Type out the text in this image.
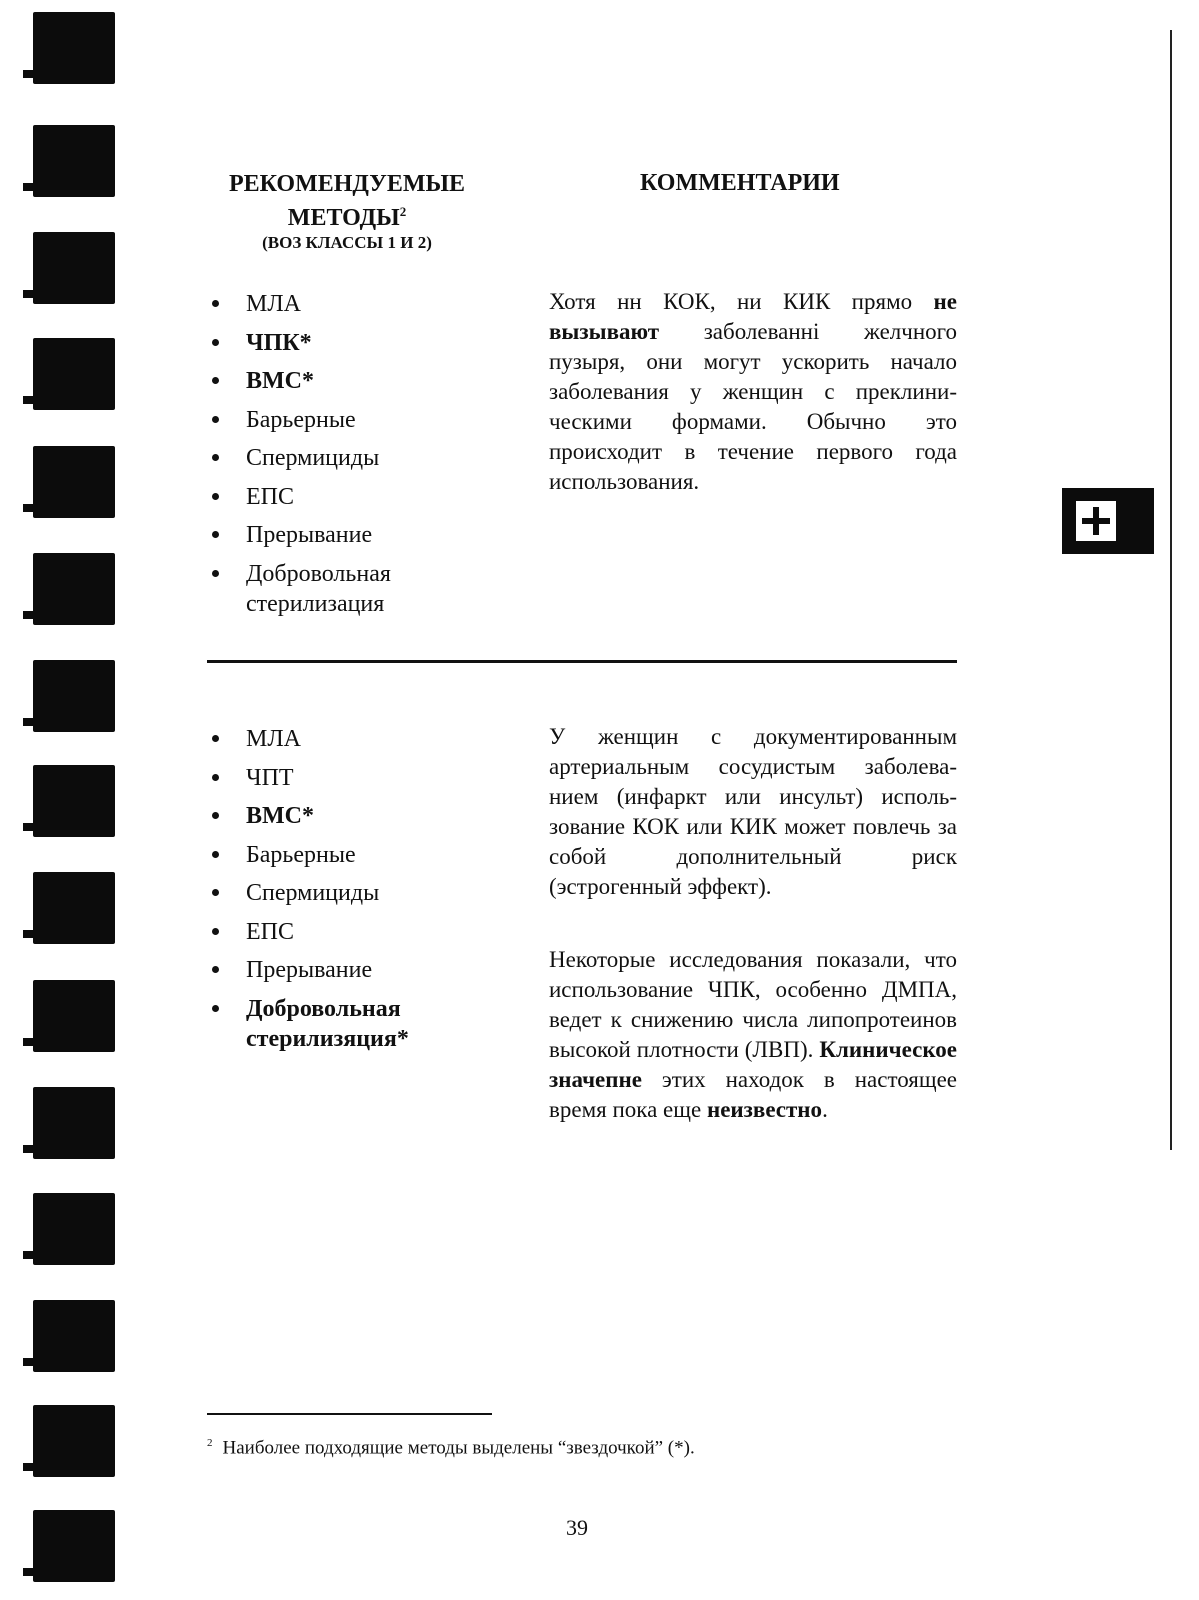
РЕКОМЕНДУЕМЫЕ
МЕТОДЫ$^2$
(ВОЗ КЛАССЫ 1 И 2)
КОММЕНТАРИИ
МЛА
ЧПК*
ВМС*
Барьерные
Спермициды
ЕПС
Прерывание
Добровольная
стерилизация

Хотя нн КОК, ни КИК прямо не вызывают заболеванні желчного пузыря, они могут ускорить начало заболевания у женщин с преклини-ческими формами. Обычно это происходит в течение первого года использования.

МЛА
ЧПТ
ВМС*
Барьерные
Спермициды
ЕПС
Прерывание
Добровольная
стерилизяция*

У женщин с документированным артериальным сосудистым заболева-нием (инфаркт или инсульт) исполь-зование КОК или КИК может повлечь за собой дополнительный риск (эстрогенный эффект).

Некоторые исследования показали, что использование ЧПК, особенно ДМПА, ведет к снижению числа липопротеинов высокой плотности (ЛВП). Клиническое значепне этих находок в настоящее время пока еще неизвестно.

$^2$ Наиболее подходящие методы выделены “звездочкой” (*).
39
